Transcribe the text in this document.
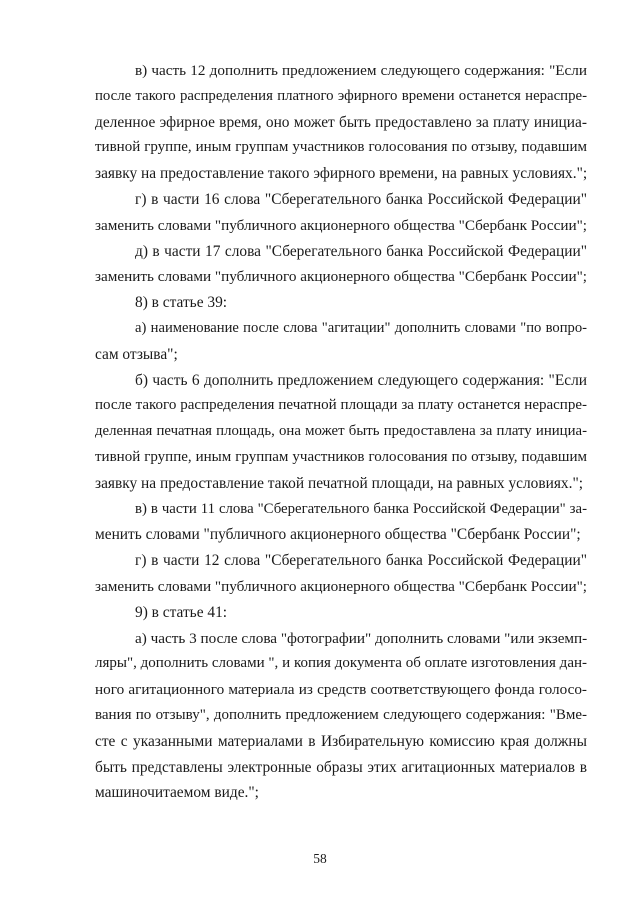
в) часть 12 дополнить предложением следующего содержания: "Если
после такого распределения платного эфирного времени останется нераспре-
деленное эфирное время, оно может быть предоставлено за плату инициа-
тивной группе, иным группам участников голосования по отзыву, подавшим
заявку на предоставление такого эфирного времени, на равных условиях.";
г) в части 16 слова "Сберегательного банка Российской Федерации"
заменить словами "публичного акционерного общества "Сбербанк России";
д) в части 17 слова "Сберегательного банка Российской Федерации"
заменить словами "публичного акционерного общества "Сбербанк России";
8) в статье 39:
а) наименование после слова "агитации" дополнить словами "по вопро-
сам отзыва";
б) часть 6 дополнить предложением следующего содержания: "Если
после такого распределения печатной площади за плату останется нераспре-
деленная печатная площадь, она может быть предоставлена за плату инициа-
тивной группе, иным группам участников голосования по отзыву, подавшим
заявку на предоставление такой печатной площади, на равных условиях.";
в) в части 11 слова "Сберегательного банка Российской Федерации" за-
менить словами "публичного акционерного общества "Сбербанк России";
г) в части 12 слова "Сберегательного банка Российской Федерации"
заменить словами "публичного акционерного общества "Сбербанк России";
9) в статье 41:
а) часть 3 после слова "фотографии" дополнить словами "или экземп-
ляры", дополнить словами ", и копия документа об оплате изготовления дан-
ного агитационного материала из средств соответствующего фонда голосо-
вания по отзыву", дополнить предложением следующего содержания: "Вме-
сте с указанными материалами в Избирательную комиссию края должны
быть представлены электронные образы этих агитационных материалов в
машиночитаемом виде.";
58
